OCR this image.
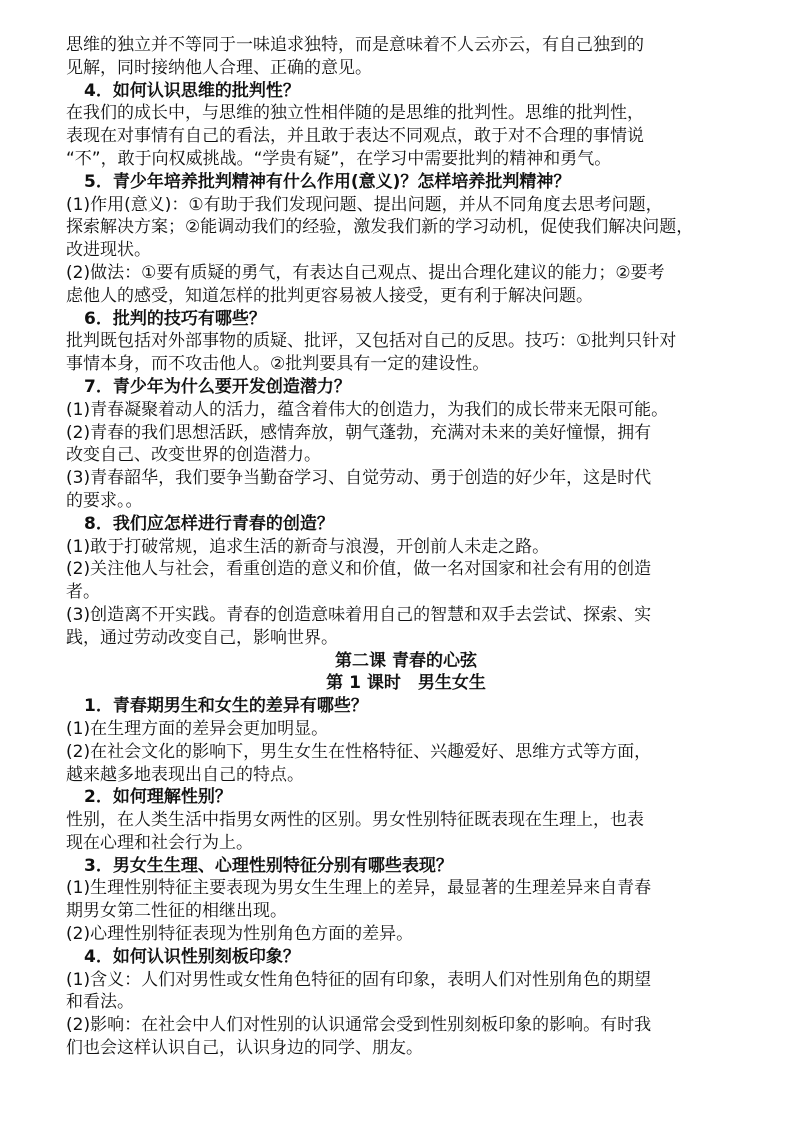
思维的独立并不等同于一味追求独特，而是意味着不人云亦云，有自己独到的
见解，同时接纳他人合理、正确的意见。
4．如何认识思维的批判性？
在我们的成长中，与思维的独立性相伴随的是思维的批判性。思维的批判性，
表现在对事情有自己的看法，并且敢于表达不同观点，敢于对不合理的事情说
“不”，敢于向权威挑战。“学贵有疑”，在学习中需要批判的精神和勇气。
5．青少年培养批判精神有什么作用(意义)？怎样培养批判精神？
(1)作用(意义)：①有助于我们发现问题、提出问题，并从不同角度去思考问题，
探索解决方案；②能调动我们的经验，激发我们新的学习动机，促使我们解决问题，
改进现状。
(2)做法：①要有质疑的勇气，有表达自己观点、提出合理化建议的能力；②要考
虑他人的感受，知道怎样的批判更容易被人接受，更有利于解决问题。
6．批判的技巧有哪些？
批判既包括对外部事物的质疑、批评，又包括对自己的反思。技巧：①批判只针对
事情本身，而不攻击他人。②批判要具有一定的建设性。
7．青少年为什么要开发创造潜力？
(1)青春凝聚着动人的活力，蕴含着伟大的创造力，为我们的成长带来无限可能。
(2)青春的我们思想活跃，感情奔放，朝气蓬勃，充满对未来的美好憧憬，拥有
改变自己、改变世界的创造潜力。
(3)青春韶华，我们要争当勤奋学习、自觉劳动、勇于创造的好少年，这是时代
的要求。。
8．我们应怎样进行青春的创造？
(1)敢于打破常规，追求生活的新奇与浪漫，开创前人未走之路。
(2)关注他人与社会，看重创造的意义和价值，做一名对国家和社会有用的创造
者。
(3)创造离不开实践。青春的创造意味着用自己的智慧和双手去尝试、探索、实
践，通过劳动改变自己，影响世界。
第二课 青春的心弦
第 1 课时　男生女生
1．青春期男生和女生的差异有哪些？
(1)在生理方面的差异会更加明显。
(2)在社会文化的影响下，男生女生在性格特征、兴趣爱好、思维方式等方面，
越来越多地表现出自己的特点。
2．如何理解性别？
性别，在人类生活中指男女两性的区别。男女性别特征既表现在生理上，也表
现在心理和社会行为上。
3．男女生生理、心理性别特征分别有哪些表现？
(1)生理性别特征主要表现为男女生生理上的差异，最显著的生理差异来自青春
期男女第二性征的相继出现。
(2)心理性别特征表现为性别角色方面的差异。
4．如何认识性别刻板印象？
(1)含义：人们对男性或女性角色特征的固有印象，表明人们对性别角色的期望
和看法。
(2)影响：在社会中人们对性别的认识通常会受到性别刻板印象的影响。有时我
们也会这样认识自己，认识身边的同学、朋友。
